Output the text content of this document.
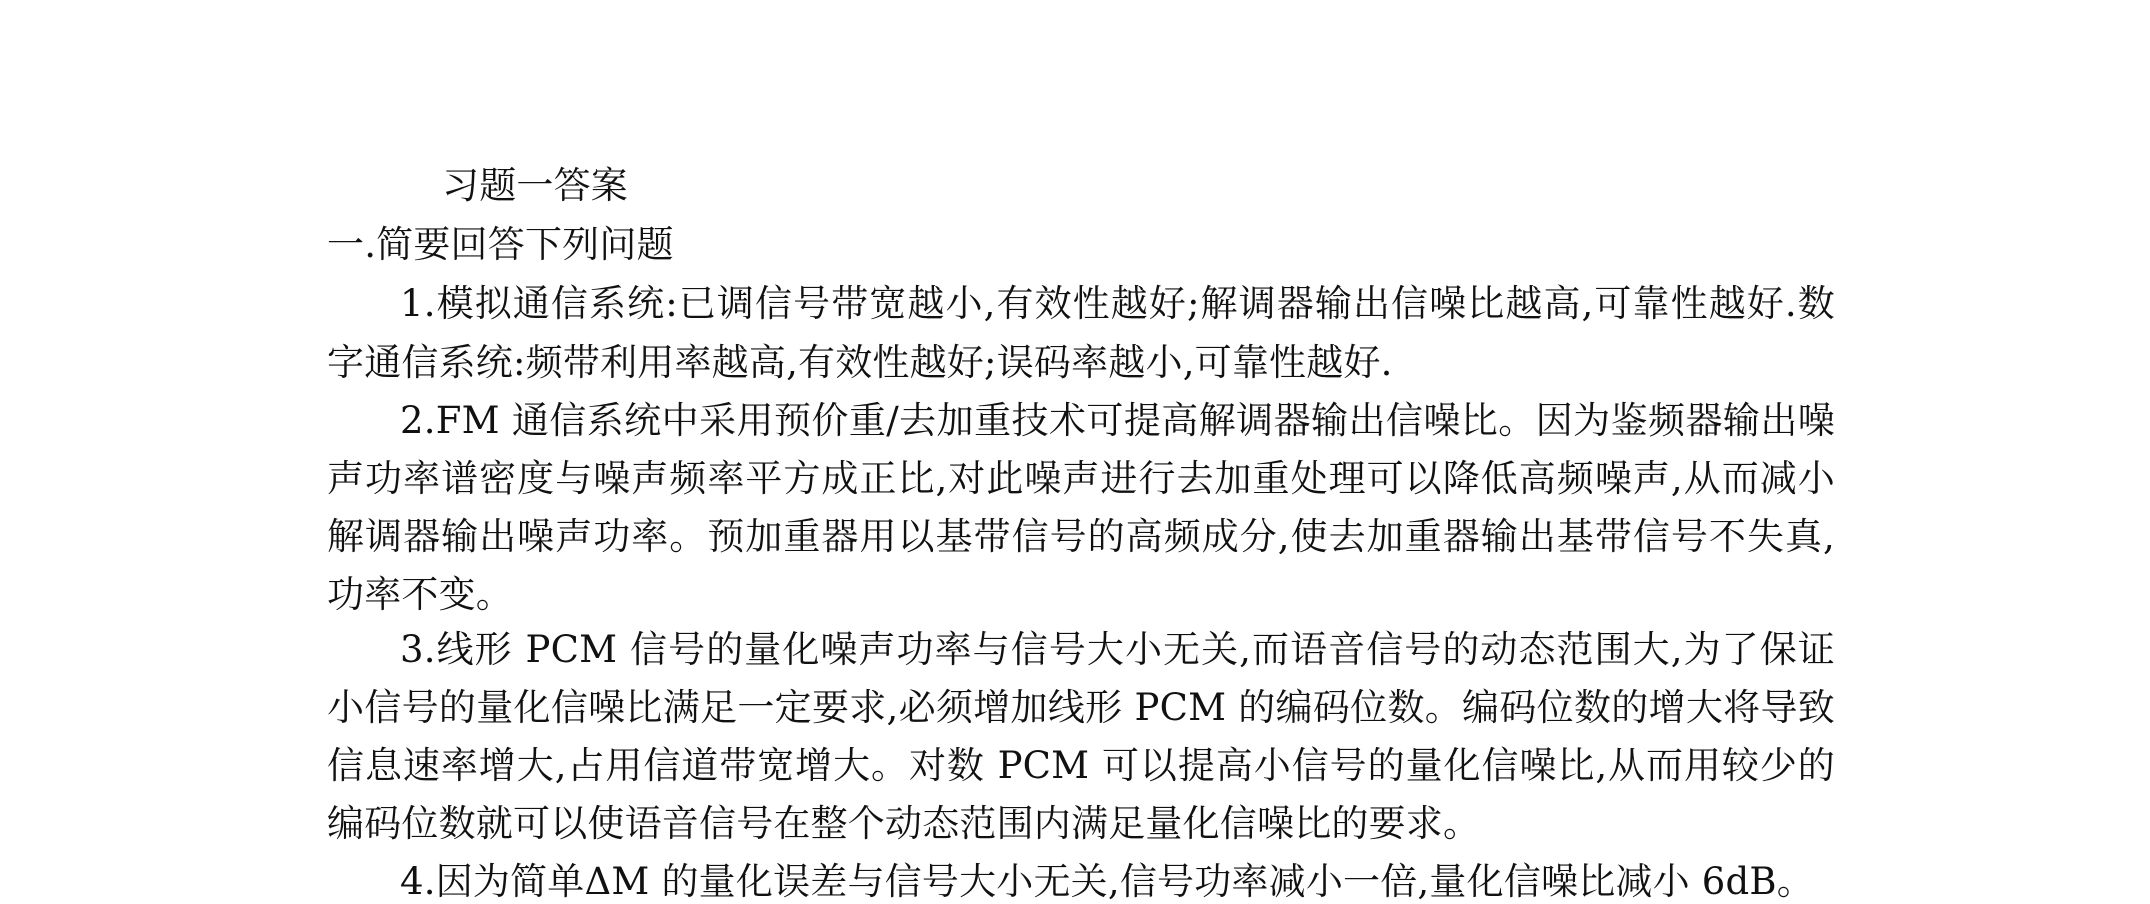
习题一答案
一.简要回答下列问题
1.模拟通信系统:已调信号带宽越小,有效性越好;解调器输出信噪比越高,可靠性越好.数
字通信系统:频带利用率越高,有效性越好;误码率越小,可靠性越好.
2.FM 通信系统中采用预价重/去加重技术可提高解调器输出信噪比。因为鉴频器输出噪
声功率谱密度与噪声频率平方成正比,对此噪声进行去加重处理可以降低高频噪声,从而减小
解调器输出噪声功率。预加重器用以基带信号的高频成分,使去加重器输出基带信号不失真,
功率不变。
3.线形 PCM 信号的量化噪声功率与信号大小无关,而语音信号的动态范围大,为了保证
小信号的量化信噪比满足一定要求,必须增加线形 PCM 的编码位数。编码位数的增大将导致
信息速率增大,占用信道带宽增大。对数 PCM 可以提高小信号的量化信噪比,从而用较少的
编码位数就可以使语音信号在整个动态范围内满足量化信噪比的要求。
4.因为简单ΔM 的量化误差与信号大小无关,信号功率减小一倍,量化信噪比减小 6dB。
